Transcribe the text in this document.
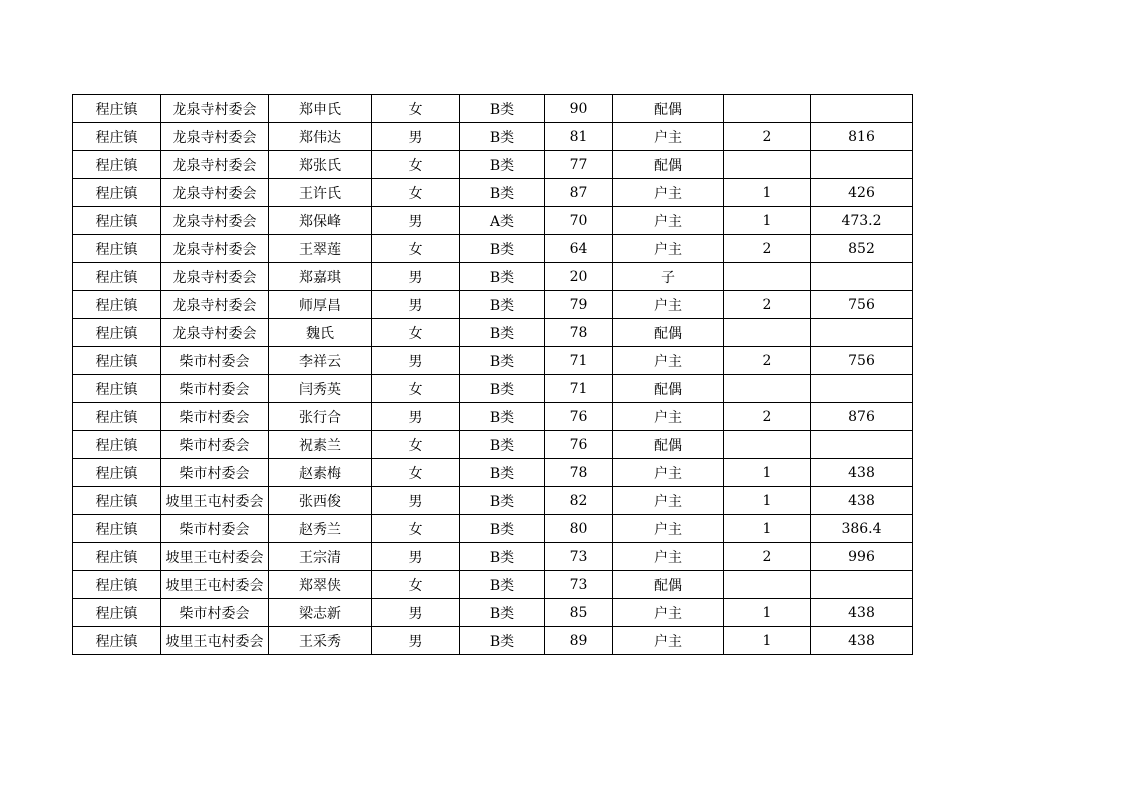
程庄镇	龙泉寺村委会	郑申氏	女	B类	90	配偶		
程庄镇	龙泉寺村委会	郑伟达	男	B类	81	户主	2	816
程庄镇	龙泉寺村委会	郑张氏	女	B类	77	配偶		
程庄镇	龙泉寺村委会	王许氏	女	B类	87	户主	1	426
程庄镇	龙泉寺村委会	郑保峰	男	A类	70	户主	1	473.2
程庄镇	龙泉寺村委会	王翠莲	女	B类	64	户主	2	852
程庄镇	龙泉寺村委会	郑嘉琪	男	B类	20	子		
程庄镇	龙泉寺村委会	师厚昌	男	B类	79	户主	2	756
程庄镇	龙泉寺村委会	魏氏	女	B类	78	配偶		
程庄镇	柴市村委会	李祥云	男	B类	71	户主	2	756
程庄镇	柴市村委会	闫秀英	女	B类	71	配偶		
程庄镇	柴市村委会	张行合	男	B类	76	户主	2	876
程庄镇	柴市村委会	祝素兰	女	B类	76	配偶		
程庄镇	柴市村委会	赵素梅	女	B类	78	户主	1	438
程庄镇	坡里王屯村委会	张西俊	男	B类	82	户主	1	438
程庄镇	柴市村委会	赵秀兰	女	B类	80	户主	1	386.4
程庄镇	坡里王屯村委会	王宗清	男	B类	73	户主	2	996
程庄镇	坡里王屯村委会	郑翠侠	女	B类	73	配偶		
程庄镇	柴市村委会	梁志新	男	B类	85	户主	1	438
程庄镇	坡里王屯村委会	王采秀	男	B类	89	户主	1	438
